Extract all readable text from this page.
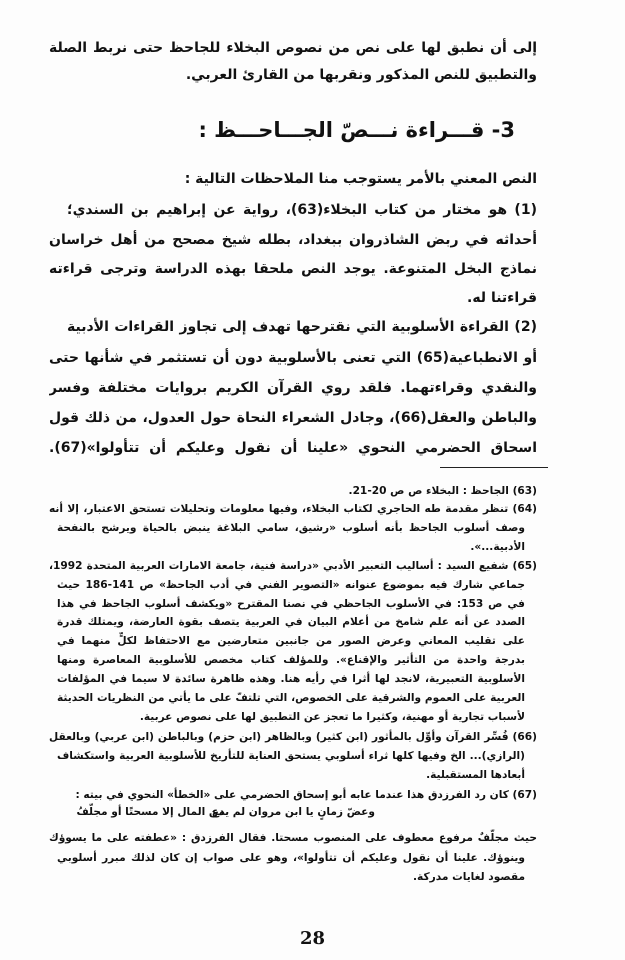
3- قـــراءة نـــصّ الجـــاحـــظ :
وعضّ زمانٍ يا ابن مروان لم يدع
من المال إلا مسحتًا أو مجلّفُ
28
إلى أن نطبق لها على نص من نصوص البخلاء للجاحظ حتى نربط الصلة
والتطبيق للنص المذكور ونقربها من القارئ العربي.
النص المعني بالأمر يستوجب منا الملاحظات التالية :
(1) هو مختار من كتاب البخلاء(63)، رواية عن إبراهيم بن السندي؛
أحداثه في ربض الشاذروان ببغداد، بطله شيخ مصحح من أهل خراسان
نماذج البخل المتنوعة. يوجد النص ملحقا بهذه الدراسة وترجى قراءته
قراءتنا له.
(2) القراءة الأسلوبية التي نقترحها تهدف إلى تجاوز القراءات الأدبية
أو الانطباعية(65) التي تعنى بالأسلوبية دون أن تستثمر في شأنها حتى
والنقدي وقراءتهما. فلقد روي القرآن الكريم بروايات مختلفة وفسر
والباطن والعقل(66)، وجادل الشعراء النحاة حول العدول، من ذلك قول
اسحاق الحضرمي النحوي «علينا أن نقول وعليكم أن تتأولوا»(67).
(63) الجاحظ : البخلاء ص ص 20-21.
(64) تنظر مقدمة طه الحاجري لكتاب البخلاء، وفيها معلومات وتحليلات تستحق الاعتبار، إلا أنه
وصف أسلوب الجاحظ بأنه أسلوب «رشيق، سامي البلاغة ينبض بالحياة ويرشح بالنفحة
الأدبية...».
(65) شفيع السيد : أساليب التعبير الأدبي «دراسة فنية، جامعة الامارات العربية المتحدة 1992،
جماعي شارك فيه بموضوع عنوانه «التصوير الفني في أدب الجاحظ» ص 141-186 حيث
في ص 153: في الأسلوب الجاحظي في نصنا المقترح «ويكشف أسلوب الجاحظ في هذا
الصدد عن أنه علم شامخ من أعلام البيان في العربية يتصف بقوة العارضة، ويمتلك قدرة
على تقليب المعاني وعرض الصور من جانبين متعارضين مع الاحتفاظ لكلٍّ منهما في
بدرجة واحدة من التأثير والإقناع». وللمؤلف كتاب مخصص للأسلوبية المعاصرة ومنها
الأسلوبية التعبيرية، لانجد لها أثرا في رأيه هنا. وهذه ظاهرة سائدة لا سيما في المؤلفات
العربية على العموم والشرقية على الخصوص، التي تلتفّ على ما يأتي من النظريات الحديثة
لأسباب تجارية أو مهنية، وكثيرا ما تعجز عن التطبيق لها على نصوص عربية.
(66) فُسِّر القرآن وأوِّل بالمأثور (ابن كثير) وبالظاهر (ابن حزم) وبالباطن (ابن عربي) وبالعقل
(الرازي)... الخ وفيها كلها ثراء أسلوبي يستحق العناية للتأريخ للأسلوبية العربية واستكشاف
أبعادها المستقبلية.
(67) كان رد الفرزدق هذا عندما عابه أبو إسحاق الحضرمي على «الخطأ» النحوي في بيته :
حيث مجلّفٌ مرفوع معطوف على المنصوب مسحتا. فقال الفرزدق : «عطفته على ما يسوؤك
وينوؤك. علينا أن نقول وعليكم أن تتأولوا»، وهو على صواب إن كان لذلك مبرر أسلوبي
مقصود لغايات مدركة.
